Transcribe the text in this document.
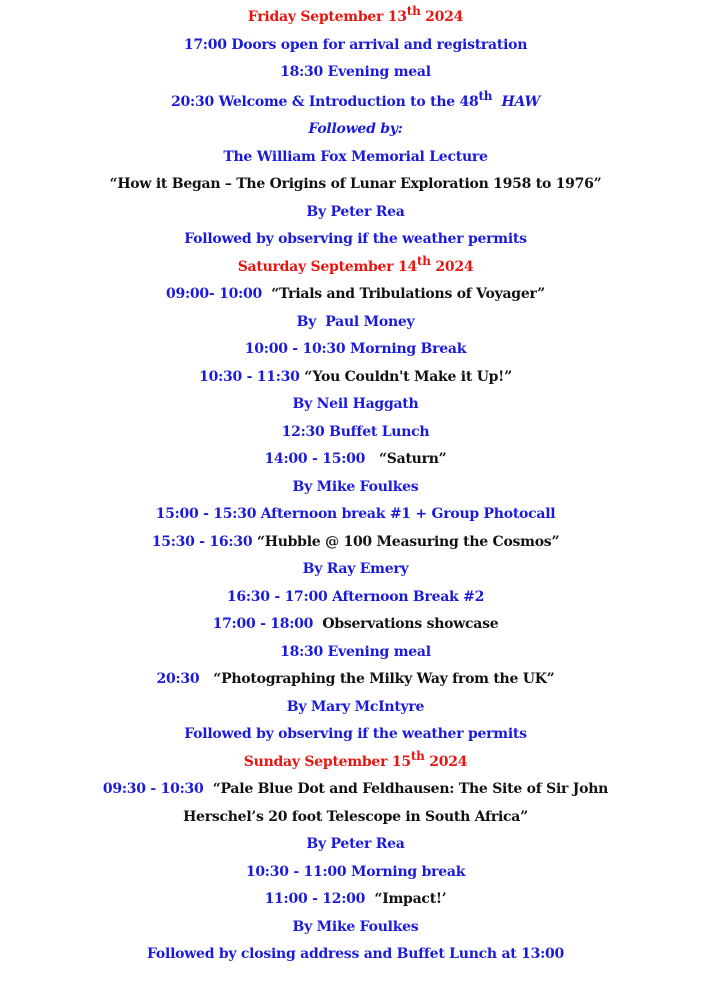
Friday September 13th 2024
17:00 Doors open for arrival and registration
18:30 Evening meal
20:30 Welcome & Introduction to the 48th  HAW
Followed by:
The William Fox Memorial Lecture
“How it Began – The Origins of Lunar Exploration 1958 to 1976”
By Peter Rea
Followed by observing if the weather permits
Saturday September 14th 2024
09:00- 10:00  “Trials and Tribulations of Voyager”
By  Paul Money
10:00 - 10:30 Morning Break
10:30 - 11:30 “You Couldn't Make it Up!”
By Neil Haggath
12:30 Buffet Lunch
14:00 - 15:00   “Saturn”
By Mike Foulkes
15:00 - 15:30 Afternoon break #1 + Group Photocall
15:30 - 16:30 “Hubble @ 100 Measuring the Cosmos”
By Ray Emery
16:30 - 17:00 Afternoon Break #2
17:00 - 18:00  Observations showcase
18:30 Evening meal
20:30   “Photographing the Milky Way from the UK”
By Mary McIntyre
Followed by observing if the weather permits
Sunday September 15th 2024
09:30 - 10:30  “Pale Blue Dot and Feldhausen: The Site of Sir John
Herschel’s 20 foot Telescope in South Africa”
By Peter Rea
10:30 - 11:00 Morning break
11:00 - 12:00  “Impact!’
By Mike Foulkes
Followed by closing address and Buffet Lunch at 13:00
